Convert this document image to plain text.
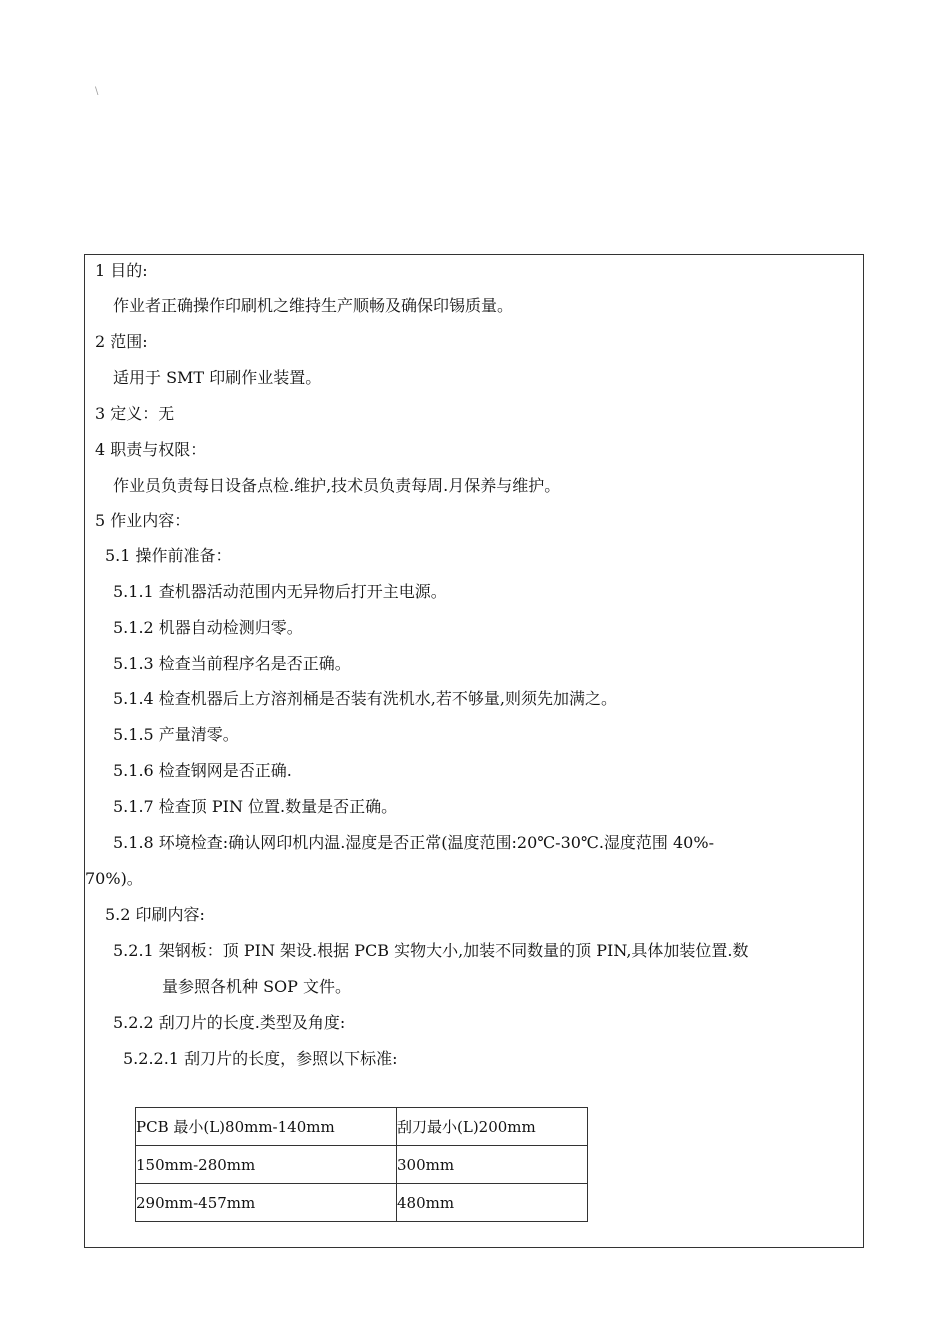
\
1 目的:
作业者正确操作印刷机之维持生产顺畅及确保印锡质量。
2 范围:
适用于 SMT 印刷作业装置。
3 定义：无
4 职责与权限：
作业员负责每日设备点检.维护,技术员负责每周.月保养与维护。
5 作业内容：
5.1 操作前准备：
5.1.1 查机器活动范围内无异物后打开主电源。
5.1.2 机器自动检测归零。
5.1.3 检查当前程序名是否正确。
5.1.4 检查机器后上方溶剂桶是否装有洗机水,若不够量,则须先加满之。
5.1.5 产量清零。
5.1.6 检查钢网是否正确.
5.1.7 检查顶 PIN 位置.数量是否正确。
5.1.8 环境检查:确认网印机内温.湿度是否正常(温度范围:20℃-30℃.湿度范围 40%-
70%)。
5.2 印刷内容:
5.2.1 架钢板：顶 PIN 架设.根据 PCB 实物大小,加装不同数量的顶 PIN,具体加装位置.数
量参照各机种 SOP 文件。
5.2.2 刮刀片的长度.类型及角度:
5.2.2.1 刮刀片的长度，参照以下标准:
PCB 最小(L)80mm-140mm	刮刀最小(L)200mm
150mm-280mm	300mm
290mm-457mm	480mm
